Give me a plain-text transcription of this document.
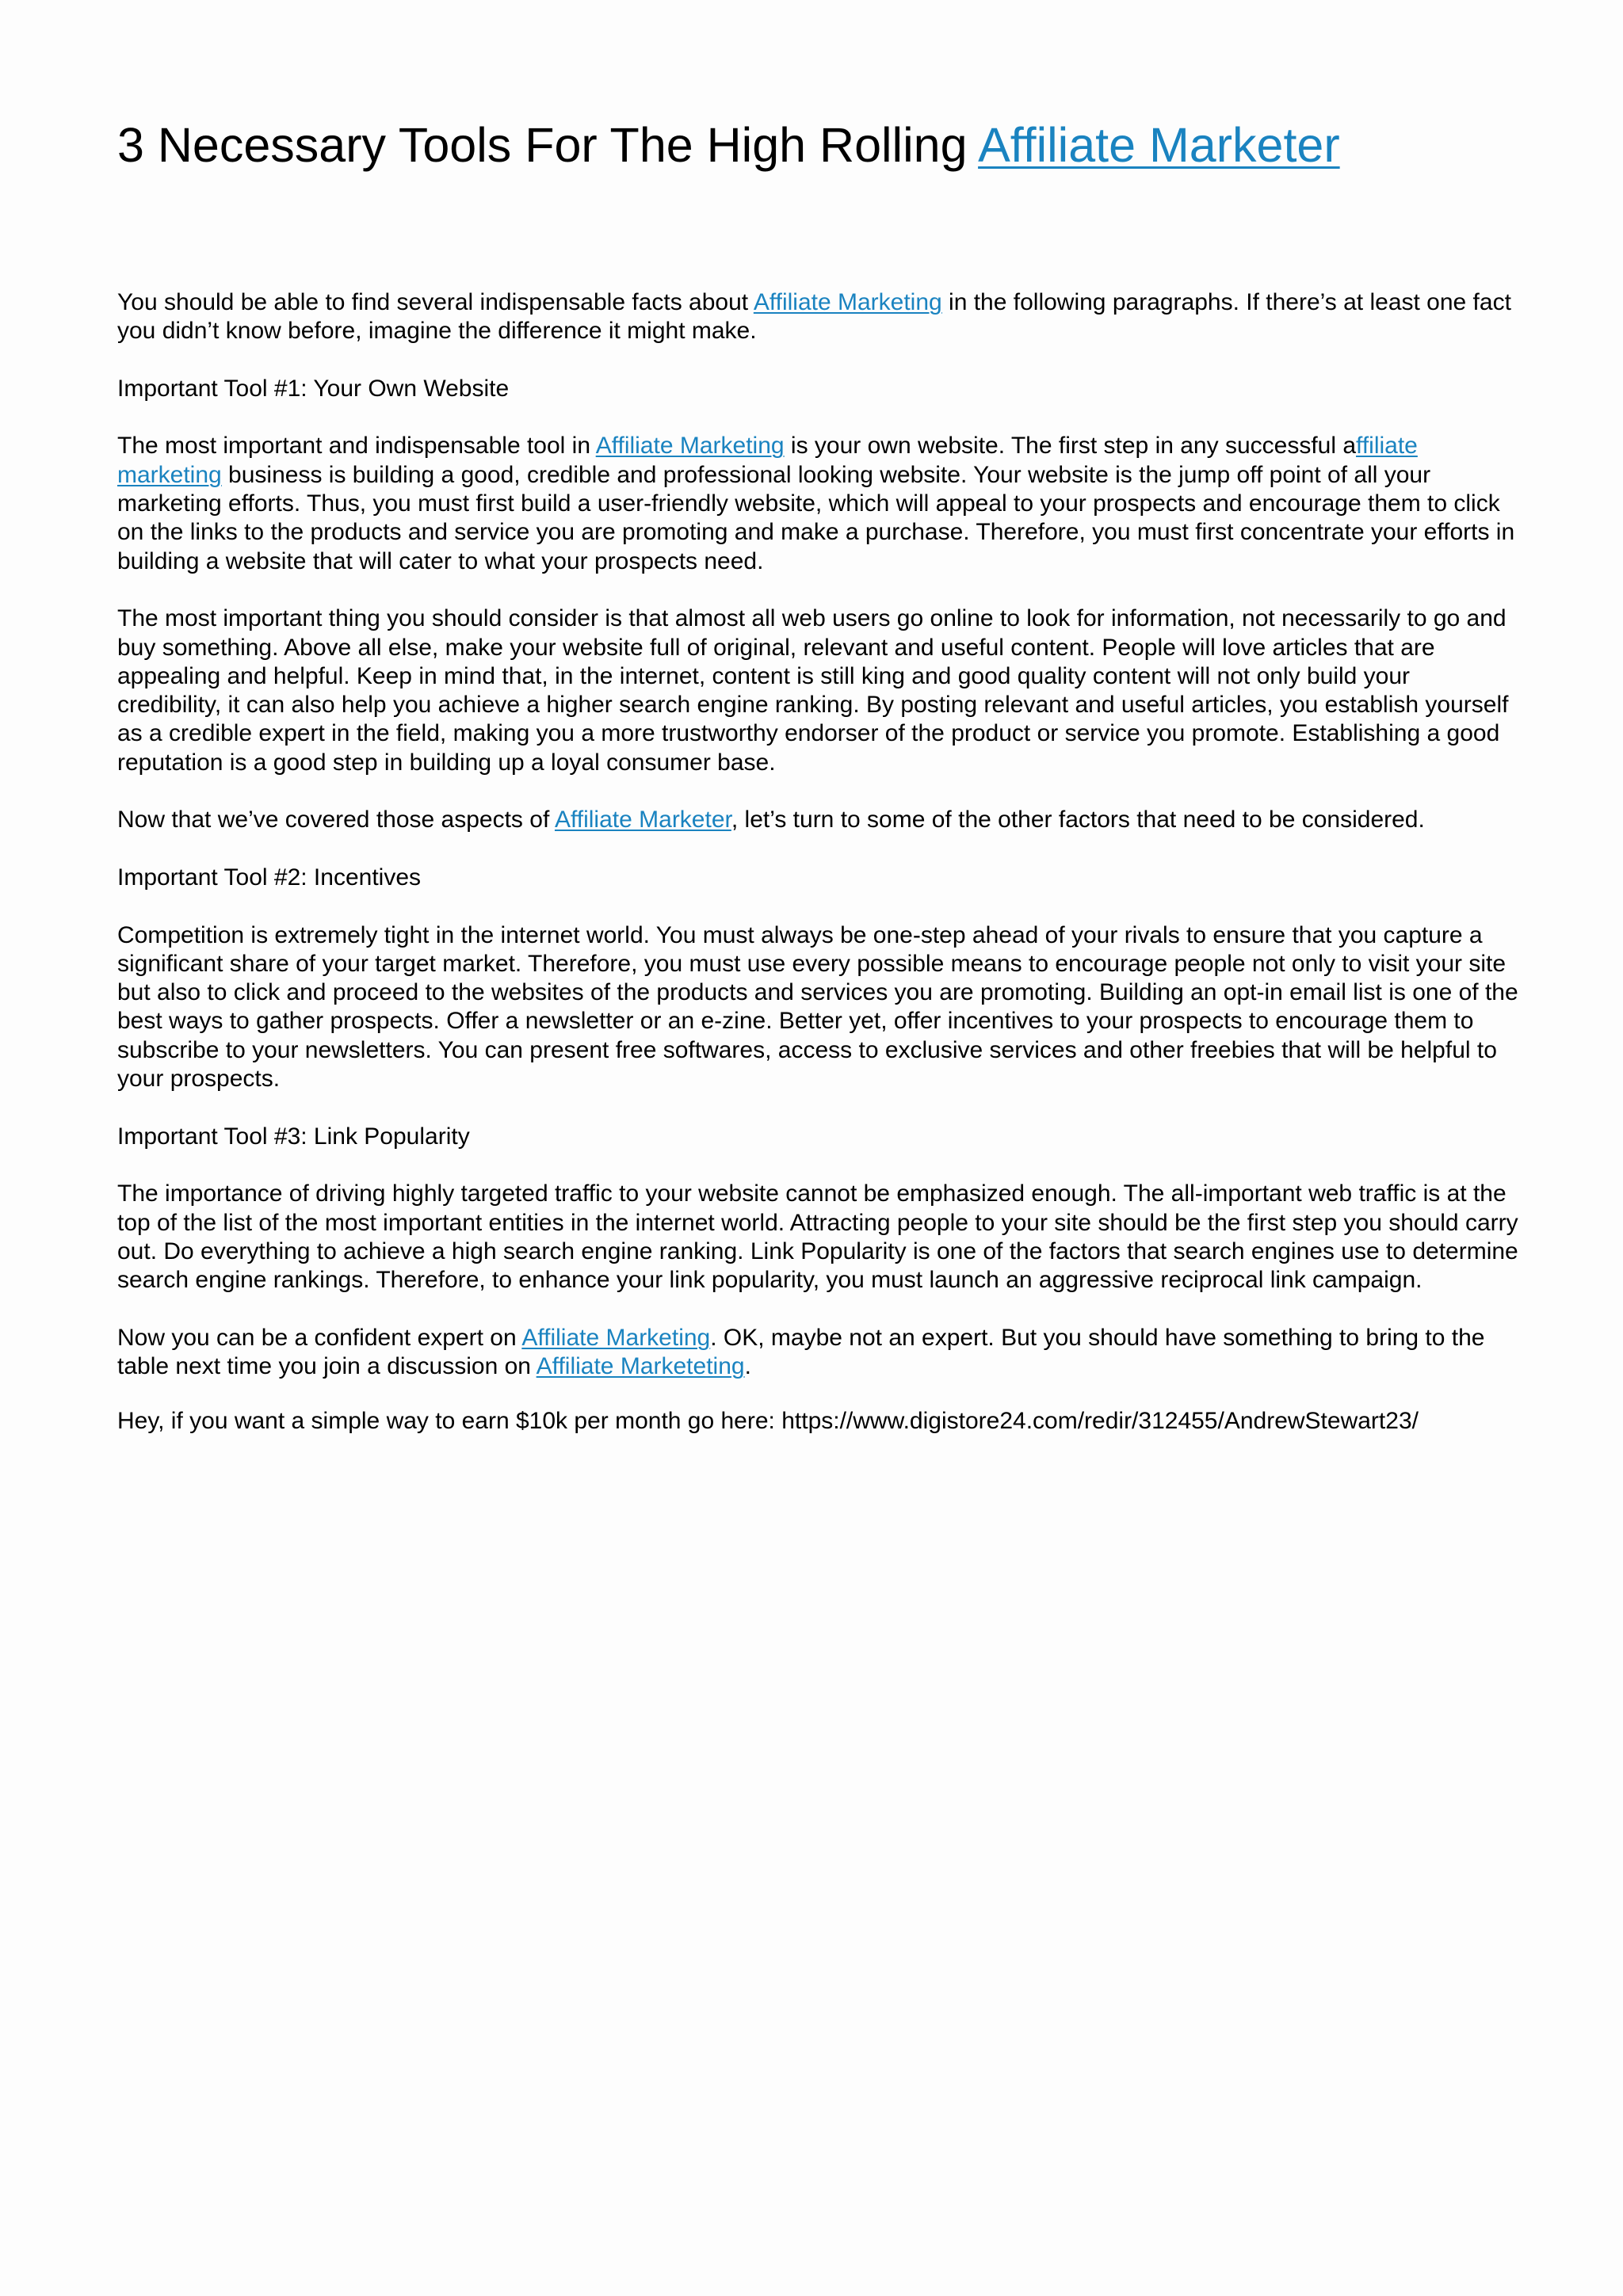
3 Necessary Tools For The High Rolling Affiliate Marketer

You should be able to find several indispensable facts about Affiliate Marketing in the following paragraphs. If there’s at least one fact you didn’t know before, imagine the difference it might make.

Important Tool #1: Your Own Website

The most important and indispensable tool in Affiliate Marketing is your own website. The first step in any successful affiliate marketing business is building a good, credible and professional looking website. Your website is the jump off point of all your marketing efforts. Thus, you must first build a user-friendly website, which will appeal to your prospects and encourage them to click on the links to the products and service you are promoting and make a purchase. Therefore, you must first concentrate your efforts in building a website that will cater to what your prospects need.

The most important thing you should consider is that almost all web users go online to look for information, not necessarily to go and buy something. Above all else, make your website full of original, relevant and useful content. People will love articles that are appealing and helpful. Keep in mind that, in the internet, content is still king and good quality content will not only build your credibility, it can also help you achieve a higher search engine ranking. By posting relevant and useful articles, you establish yourself as a credible expert in the field, making you a more trustworthy endorser of the product or service you promote. Establishing a good reputation is a good step in building up a loyal consumer base.

Now that we’ve covered those aspects of Affiliate Marketer, let’s turn to some of the other factors that need to be considered.

Important Tool #2: Incentives

Competition is extremely tight in the internet world. You must always be one-step ahead of your rivals to ensure that you capture a significant share of your target market. Therefore, you must use every possible means to encourage people not only to visit your site but also to click and proceed to the websites of the products and services you are promoting. Building an opt-in email list is one of the best ways to gather prospects. Offer a newsletter or an e-zine. Better yet, offer incentives to your prospects to encourage them to subscribe to your newsletters. You can present free softwares, access to exclusive services and other freebies that will be helpful to your prospects.

Important Tool #3: Link Popularity

The importance of driving highly targeted traffic to your website cannot be emphasized enough. The all-important web traffic is at the top of the list of the most important entities in the internet world. Attracting people to your site should be the first step you should carry out. Do everything to achieve a high search engine ranking. Link Popularity is one of the factors that search engines use to determine search engine rankings. Therefore, to enhance your link popularity, you must launch an aggressive reciprocal link campaign.

Now you can be a confident expert on Affiliate Marketing. OK, maybe not an expert. But you should have something to bring to the table next time you join a discussion on Affiliate Marketeting.

Hey, if you want a simple way to earn $10k per month go here: https://www.digistore24.com/redir/312455/AndrewStewart23/
